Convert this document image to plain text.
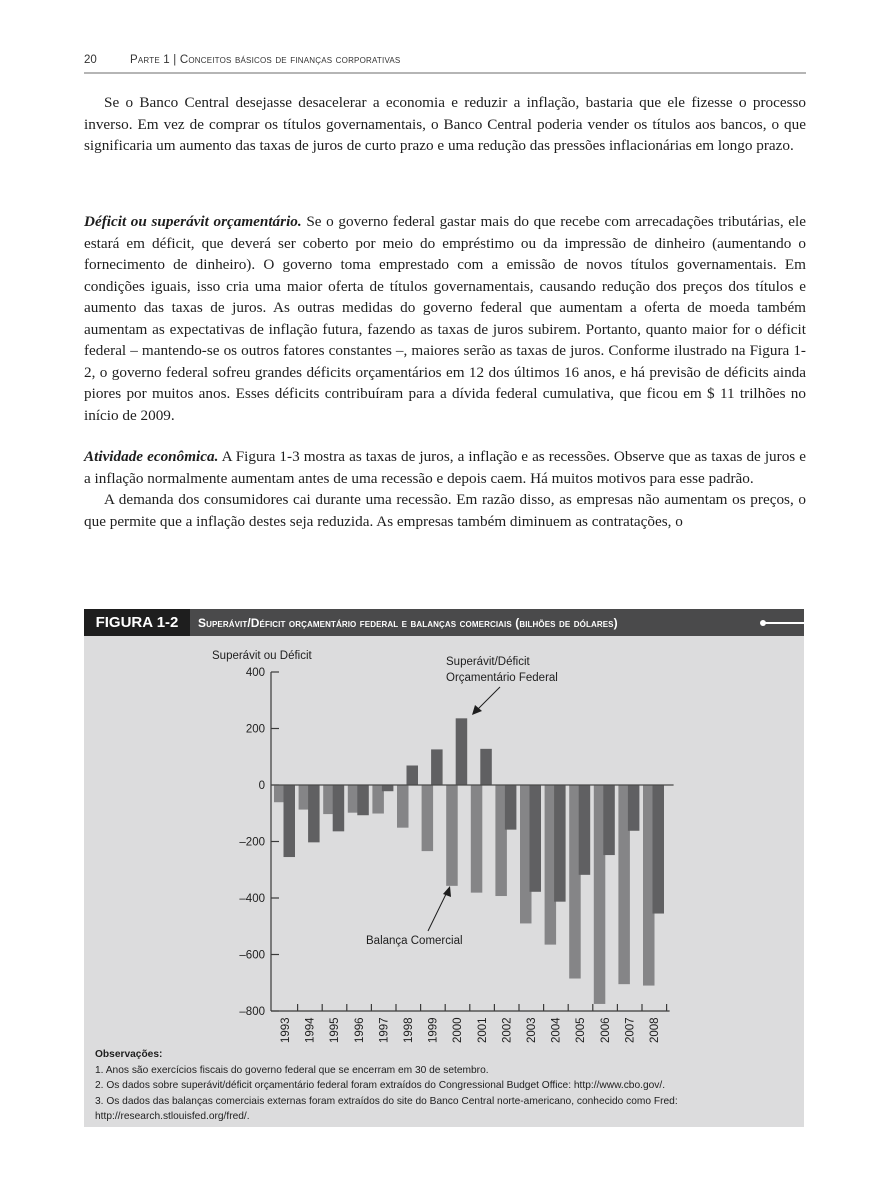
20	Parte 1 | Conceitos básicos de finanças corporativas

Se o Banco Central desejasse desacelerar a economia e reduzir a inflação, bastaria que ele fizesse o processo inverso. Em vez de comprar os títulos governamentais, o Banco Central poderia vender os títulos aos bancos, o que significaria um aumento das taxas de juros de curto prazo e uma redução das pressões inflacionárias em longo prazo.

Déficit ou superávit orçamentário. Se o governo federal gastar mais do que recebe com arrecadações tributárias, ele estará em déficit, que deverá ser coberto por meio do empréstimo ou da impressão de dinheiro (aumentando o fornecimento de dinheiro). O governo toma emprestado com a emissão de novos títulos governamentais. Em condições iguais, isso cria uma maior oferta de títulos governamentais, causando redução dos preços dos títulos e aumento das taxas de juros. As outras medidas do governo federal que aumentam a oferta de moeda também aumentam as expectativas de inflação futura, fazendo as taxas de juros subirem. Portanto, quanto maior for o déficit federal – mantendo-se os outros fatores constantes –, maiores serão as taxas de juros. Conforme ilustrado na Figura 1-2, o governo federal sofreu grandes déficits orçamentários em 12 dos últimos 16 anos, e há previsão de déficits ainda piores por muitos anos. Esses déficits contribuíram para a dívida federal cumulativa, que ficou em $ 11 trilhões no início de 2009.

Atividade econômica. A Figura 1-3 mostra as taxas de juros, a inflação e as recessões. Observe que as taxas de juros e a inflação normalmente aumentam antes de uma recessão e depois caem. Há muitos motivos para esse padrão.

A demanda dos consumidores cai durante uma recessão. Em razão disso, as empresas não aumentam os preços, o que permite que a inflação destes seja reduzida. As empresas também diminuem as contratações, o

FIGURA 1-2	Superávit/Déficit orçamentário federal e balanças comerciais (bilhões de dólares)
Superávit ou Déficit
400
200
0
–200
–400
–600
–800
1993 1994 1995 1996 1997 1998 1999 2000 2001 2002 2003 2004 2005 2006 2007 2008
Superávit/Déficit
Orçamentário Federal
Balança Comercial
Observações:
1. Anos são exercícios fiscais do governo federal que se encerram em 30 de setembro.
2. Os dados sobre superávit/déficit orçamentário federal foram extraídos do Congressional Budget Office: http://www.cbo.gov/.
3. Os dados das balanças comerciais externas foram extraídos do site do Banco Central norte-americano, conhecido como Fred: http://research.stlouisfed.org/fred/.
